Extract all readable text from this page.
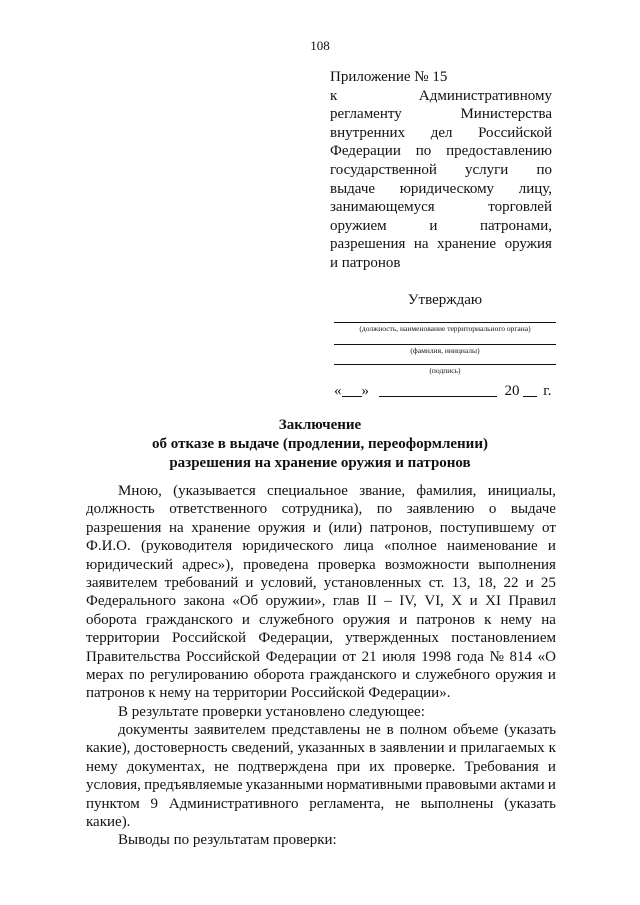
108
Приложение № 15
к	Административному
регламенту	Министерства
внутренних дел Российской
Федерации по предоставлению
государственной услуги по
выдаче юридическому лицу,
занимающемуся	торговлей
оружием	и	патронами,
разрешения на хранение оружия
и патронов
Утверждаю
(должность, наименование территориального органа)
(фамилия, инициалы)
(подпись)
« »	20 г.
Заключение
об отказе в выдаче (продлении, переоформлении)
разрешения на хранение оружия и патронов
Мною, (указывается специальное звание, фамилия, инициалы,
должность ответственного сотрудника), по заявлению о выдаче
разрешения на хранение оружия и (или) патронов, поступившему от
Ф.И.О. (руководителя юридического лица «полное наименование и
юридический адрес»), проведена проверка возможности выполнения
заявителем требований и условий, установленных ст. 13, 18, 22 и 25
Федерального закона «Об оружии», глав II – IV, VI, X и XI Правил
оборота гражданского и служебного оружия и патронов к нему на
территории Российской Федерации, утвержденных постановлением
Правительства Российской Федерации от 21 июля 1998 года № 814 «О
мерах по регулированию оборота гражданского и служебного оружия и
патронов к нему на территории Российской Федерации».
В результате проверки установлено следующее:
документы заявителем представлены не в полном объеме (указать
какие), достоверность сведений, указанных в заявлении и прилагаемых к
нему документах, не подтверждена при их проверке. Требования и
условия, предъявляемые указанными нормативными правовыми актами и
пунктом 9 Административного регламента, не выполнены (указать
какие).
Выводы по результатам проверки:
